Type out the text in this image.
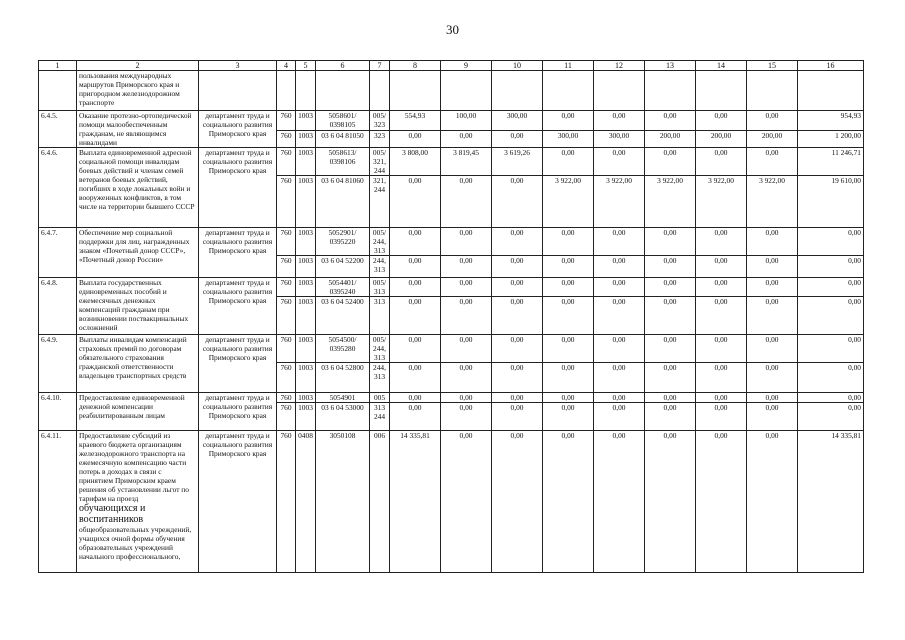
30
1	2	3	4	5	6	7	8	9	10	11	12	13	14	15	16
	пользования международных маршрутов Приморского края и пригородном железнодорожном транспорте														
6.4.5.	Оказание протезно-ортопедической помощи малообеспеченным гражданам, не являющимся инвалидами	департамент труда и социального развития Приморского края	760	1003	5058601/ 0398105	005/ 323	554,93	100,00	300,00	0,00	0,00	0,00	0,00	0,00	954,93
			760	1003	03 6 04 81050	323	0,00	0,00	0,00	300,00	300,00	200,00	200,00	200,00	1 200,00
6.4.6.	Выплата единовременной адресной социальной помощи инвалидам боевых действий и членам семей ветеранов боевых действий, погибших в ходе локальных войн и вооруженных конфликтов, в том числе на территории бывшего СССР	департамент труда и социального развития Приморского края	760	1003	5058613/ 0398106	005/ 321, 244	3 808,00	3 819,45	3 619,26	0,00	0,00	0,00	0,00	0,00	11 246,71
			760	1003	03 6 04 81060	321, 244	0,00	0,00	0,00	3 922,00	3 922,00	3 922,00	3 922,00	3 922,00	19 610,00
6.4.7.	Обеспечение мер социальной поддержки для лиц, награжденных знаком «Почетный донор СССР», «Почетный донор России»	департамент труда и социального развития Приморского края	760	1003	5052901/ 0395220	005/ 244, 313	0,00	0,00	0,00	0,00	0,00	0,00	0,00	0,00	0,00
			760	1003	03 6 04 52200	244, 313	0,00	0,00	0,00	0,00	0,00	0,00	0,00	0,00	0,00
6.4.8.	Выплата государственных единовременных пособий и ежемесячных денежных компенсаций гражданам при возникновении поствакцинальных осложнений	департамент труда и социального развития Приморского края	760	1003	5054401/ 0395240	005/ 313	0,00	0,00	0,00	0,00	0,00	0,00	0,00	0,00	0,00
			760	1003	03 6 04 52400	313	0,00	0,00	0,00	0,00	0,00	0,00	0,00	0,00	0,00
6.4.9.	Выплаты инвалидам компенсаций страховых премий по договорам обязательного страхования гражданской ответственности владельцев транспортных средств	департамент труда и социального развития Приморского края	760	1003	5054500/ 0395280	005/ 244, 313	0,00	0,00	0,00	0,00	0,00	0,00	0,00	0,00	0,00
			760	1003	03 6 04 52800	244, 313	0,00	0,00	0,00	0,00	0,00	0,00	0,00	0,00	0,00
6.4.10.	Предоставление единовременной денежной компенсации реабилитированным лицам	департамент труда и социального развития Приморского края	760	1003	5054901	005	0,00	0,00	0,00	0,00	0,00	0,00	0,00	0,00	0,00
			760	1003	03 6 04 53000	313 244	0,00	0,00	0,00	0,00	0,00	0,00	0,00	0,00	0,00
6.4.11.	Предоставление субсидий из краевого бюджета организациям железнодорожного транспорта на ежемесячную компенсацию части потерь в доходах в связи с принятием Приморским краем решения об установлении льгот по тарифам на проезд обучающихся и воспитанников общеобразовательных учреждений, учащихся очной формы обучения образовательных учреждений начального профессионального,	департамент труда и социального развития Приморского края	760	0408	3050108	006	14 335,81	0,00	0,00	0,00	0,00	0,00	0,00	0,00	14 335,81
